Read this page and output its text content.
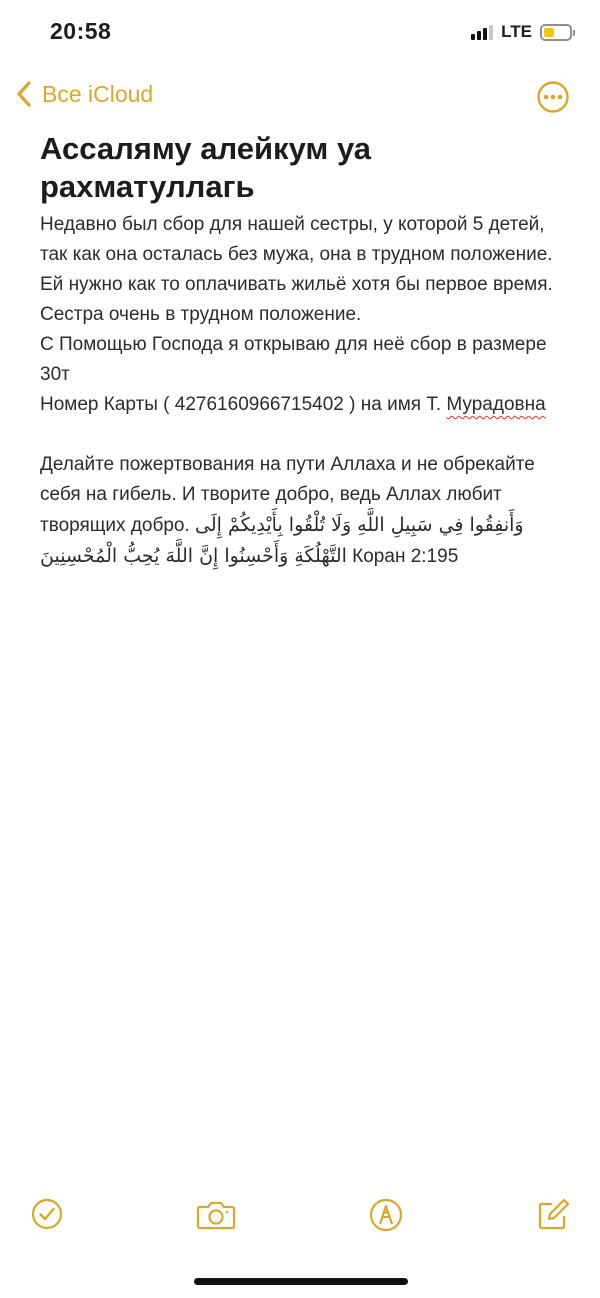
20:58	LTE
Все iCloud
Ассаляму алейкум уа рахматуллагь

Недавно был сбор для нашей сестры, у которой 5 детей, так как она осталась без мужа, она в трудном положение. Ей нужно как то оплачивать жильё хотя бы первое время. Сестра очень в трудном положение.

С Помощью Господа я открываю для неё сбор в размере 30т

Номер Карты ( 4276160966715402 ) на имя Т. Мурадовна

Делайте пожертвования на пути Аллаха и не обрекайте себя на гибель. И творите добро, ведь Аллах любит творящих добро. وَأَنفِقُوا فِي سَبِيلِ اللَّهِ وَلَا تُلْقُوا بِأَيْدِيكُمْ إِلَى التَّهْلُكَةِ وَأَحْسِنُوا إِنَّ اللَّهَ يُحِبُّ الْمُحْسِنِينَ Коран 2:195
